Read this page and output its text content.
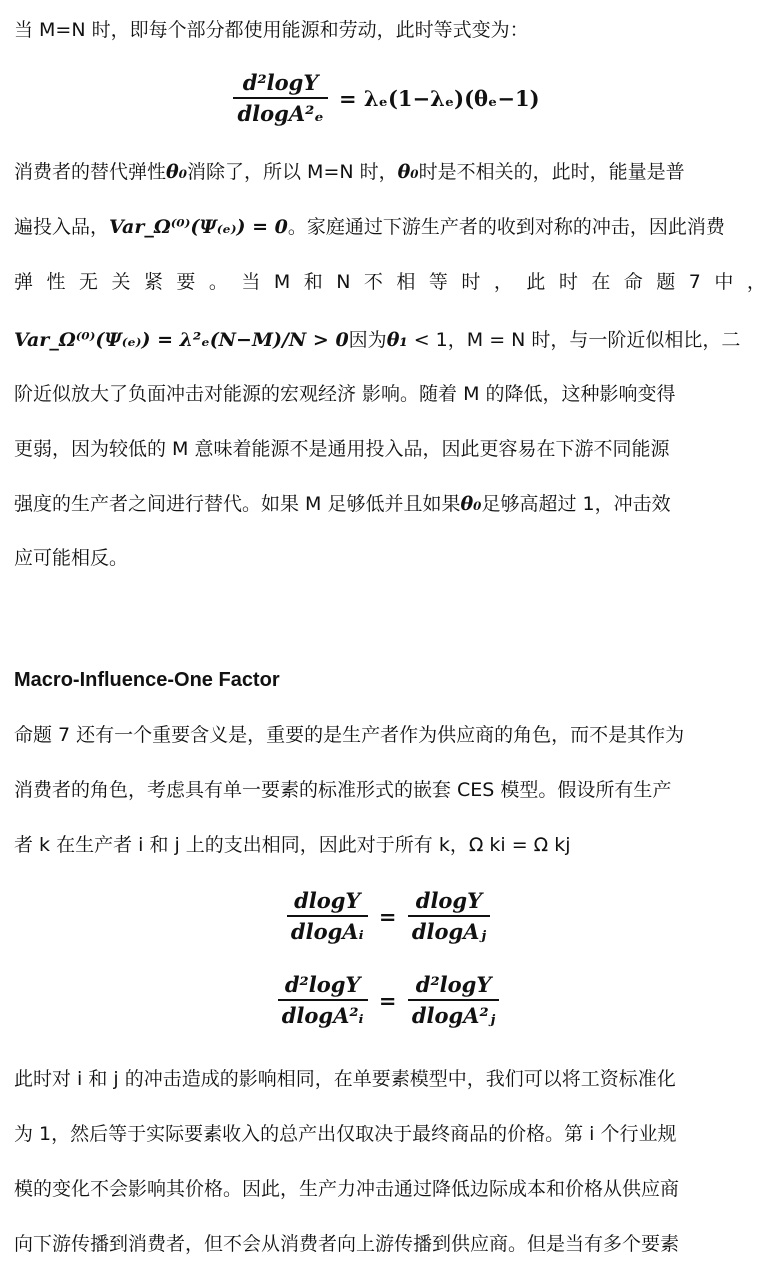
当 M=N 时，即每个部分都使用能源和劳动，此时等式变为：
$\frac{\text{d²logY}}{\text{dlogA²ₑ}} = \lambda_e(1-\lambda_e)(\theta_e-1)$
消费者的替代弹性θ₀消除了，所以 M=N 时，θ₀时是不相关的，此时，能量是普
遍投入品，Var_Ω⁽⁰⁾(Ψ₍ₑ₎) = 0。家庭通过下游生产者的收到对称的冲击，因此消费
弹 性 无 关 紧 要 。 当 M 和 N 不 相 等 时 ， 此 时 在 命 题 7 中 ，
Var_Ω⁽⁰⁾(Ψ₍ₑ₎) = λ²ₑ(N−M)/N > 0因为θ₁ < 1，M = N 时，与一阶近似相比，二
阶近似放大了负面冲击对能源的宏观经济 影响。随着 M 的降低，这种影响变得
更弱，因为较低的 M 意味着能源不是通用投入品，因此更容易在下游不同能源
强度的生产者之间进行替代。如果 M 足够低并且如果θ₀足够高超过 1，冲击效
应可能相反。
Macro-Influence-One Factor
命题 7 还有一个重要含义是，重要的是生产者作为供应商的角色，而不是其作为
消费者的角色，考虑具有单一要素的标准形式的嵌套 CES 模型。假设所有生产
者 k 在生产者 i 和 j 上的支出相同，因此对于所有 k，Ω ki = Ω kj
$\frac{dlogY}{\text{dlogAᵢ}} = \frac{dlogY}{\text{dlogAⱼ}}$
$\frac{\text{d²logY}}{\text{dlogA²ᵢ}} = \frac{\text{d²logY}}{\text{dlogA²ⱼ}}$
此时对 i 和 j 的冲击造成的影响相同，在单要素模型中，我们可以将工资标准化
为 1，然后等于实际要素收入的总产出仅取决于最终商品的价格。第 i 个行业规
模的变化不会影响其价格。因此，生产力冲击通过降低边际成本和价格从供应商
向下游传播到消费者，但不会从消费者向上游传播到供应商。但是当有多个要素
